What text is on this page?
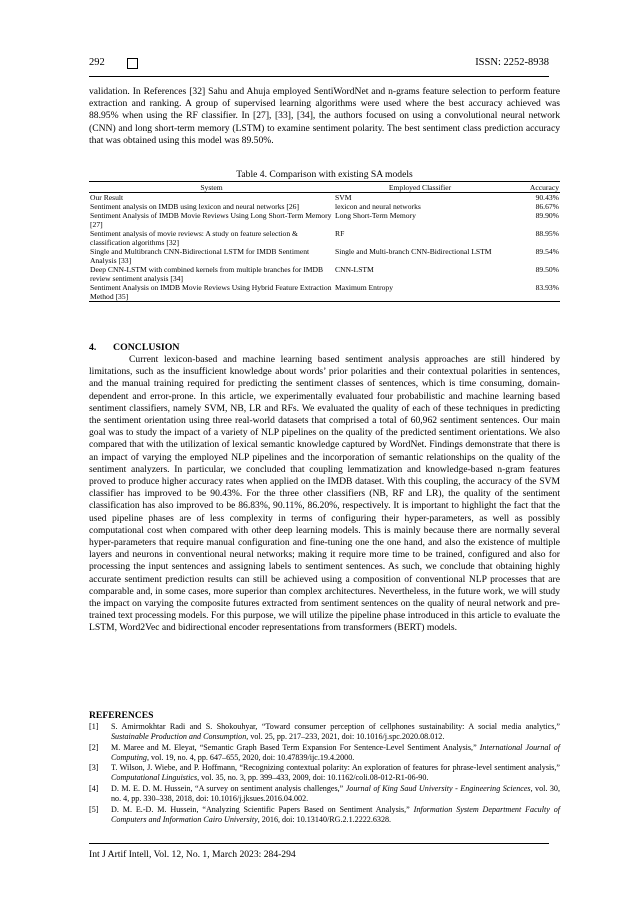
292	ISSN: 2252-8938

validation. In References [32] Sahu and Ahuja employed SentiWordNet and n-grams feature selection to perform feature extraction and ranking. A group of supervised learning algorithms were used where the best accuracy achieved was 88.95% when using the RF classifier. In [27], [33], [34], the authors focused on using a convolutional neural network (CNN) and long short-term memory (LSTM) to examine sentiment polarity. The best sentiment class prediction accuracy that was obtained using this model was 89.50%.

Table 4. Comparison with existing SA models
System	Employed Classifier	Accuracy
Our Result	SVM	90.43%
Sentiment analysis on IMDB using lexicon and neural networks [26]	lexicon and neural networks	86.67%
Sentiment Analysis of IMDB Movie Reviews Using Long Short-Term Memory [27]	Long Short-Term Memory	89.90%
Sentiment analysis of movie reviews: A study on feature selection & classification algorithms [32]	RF	88.95%
Single and Multibranch CNN-Bidirectional LSTM for IMDB Sentiment Analysis [33]	Single and Multi-branch CNN-Bidirectional LSTM	89.54%
Deep CNN-LSTM with combined kernels from multiple branches for IMDB review sentiment analysis [34]	CNN-LSTM	89.50%
Sentiment Analysis on IMDB Movie Reviews Using Hybrid Feature Extraction Method [35]	Maximum Entropy	83.93%
4. CONCLUSION

Current lexicon-based and machine learning based sentiment analysis approaches are still hindered by limitations, such as the insufficient knowledge about words’ prior polarities and their contextual polarities in sentences, and the manual training required for predicting the sentiment classes of sentences, which is time consuming, domain-dependent and error-prone. In this article, we experimentally evaluated four probabilistic and machine learning based sentiment classifiers, namely SVM, NB, LR and RFs. We evaluated the quality of each of these techniques in predicting the sentiment orientation using three real-world datasets that comprised a total of 60,962 sentiment sentences. Our main goal was to study the impact of a variety of NLP pipelines on the quality of the predicted sentiment orientations. We also compared that with the utilization of lexical semantic knowledge captured by WordNet. Findings demonstrate that there is an impact of varying the employed NLP pipelines and the incorporation of semantic relationships on the quality of the sentiment analyzers. In particular, we concluded that coupling lemmatization and knowledge-based n-gram features proved to produce higher accuracy rates when applied on the IMDB dataset. With this coupling, the accuracy of the SVM classifier has improved to be 90.43%. For the three other classifiers (NB, RF and LR), the quality of the sentiment classification has also improved to be 86.83%, 90.11%, 86.20%, respectively. It is important to highlight the fact that the used pipeline phases are of less complexity in terms of configuring their hyper-parameters, as well as possibly computational cost when compared with other deep learning models. This is mainly because there are normally several hyper-parameters that require manual configuration and fine-tuning one the one hand, and also the existence of multiple layers and neurons in conventional neural networks; making it require more time to be trained, configured and also for processing the input sentences and assigning labels to sentiment sentences. As such, we conclude that obtaining highly accurate sentiment prediction results can still be achieved using a composition of conventional NLP processes that are comparable and, in some cases, more superior than complex architectures. Nevertheless, in the future work, we will study the impact on varying the composite futures extracted from sentiment sentences on the quality of neural network and pre-trained text processing models. For this purpose, we will utilize the pipeline phase introduced in this article to evaluate the LSTM, Word2Vec and bidirectional encoder representations from transformers (BERT) models.

REFERENCES
[1] S. Amirmokhtar Radi and S. Shokouhyar, “Toward consumer perception of cellphones sustainability: A social media analytics,” Sustainable Production and Consumption, vol. 25, pp. 217–233, 2021, doi: 10.1016/j.spc.2020.08.012.
[2] M. Maree and M. Eleyat, “Semantic Graph Based Term Expansion For Sentence-Level Sentiment Analysis,” International Journal of Computing, vol. 19, no. 4, pp. 647–655, 2020, doi: 10.47839/ijc.19.4.2000.
[3] T. Wilson, J. Wiebe, and P. Hoffmann, “Recognizing contextual polarity: An exploration of features for phrase-level sentiment analysis,” Computational Linguistics, vol. 35, no. 3, pp. 399–433, 2009, doi: 10.1162/coli.08-012-R1-06-90.
[4] D. M. E. D. M. Hussein, “A survey on sentiment analysis challenges,” Journal of King Saud University - Engineering Sciences, vol. 30, no. 4, pp. 330–338, 2018, doi: 10.1016/j.jksues.2016.04.002.
[5] D. M. E.-D. M. Hussein, “Analyzing Scientific Papers Based on Sentiment Analysis,” Information System Department Faculty of Computers and Information Cairo University, 2016, doi: 10.13140/RG.2.1.2222.6328.
Int J Artif Intell, Vol. 12, No. 1, March 2023: 284-294
